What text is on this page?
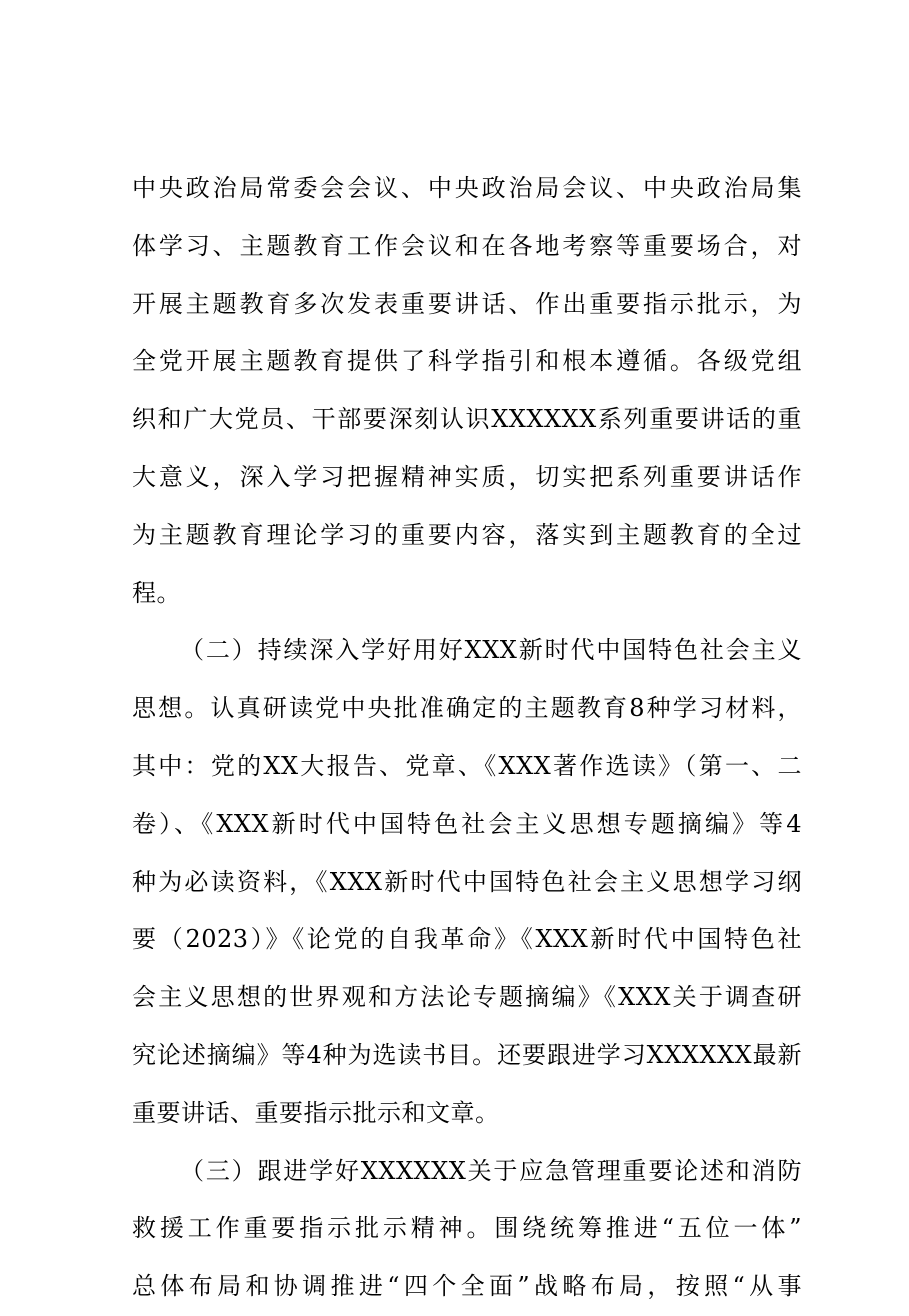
中央政治局常委会会议、中央政治局会议、中央政治局集
体学习、主题教育工作会议和在各地考察等重要场合，对
开展主题教育多次发表重要讲话、作出重要指示批示，为
全党开展主题教育提供了科学指引和根本遵循。各级党组
织和广大党员、干部要深刻认识XXXXXX系列重要讲话的重
大意义，深入学习把握精神实质，切实把系列重要讲话作
为主题教育理论学习的重要内容，落实到主题教育的全过
程。
（二）持续深入学好用好XXX新时代中国特色社会主义
思想。认真研读党中央批准确定的主题教育8种学习材料，
其中：党的XX大报告、党章、《XXX著作选读》（第一、二
卷）、《XXX新时代中国特色社会主义思想专题摘编》等4
种为必读资料，《XXX新时代中国特色社会主义思想学习纲
要（2023）》《论党的自我革命》《XXX新时代中国特色社
会主义思想的世界观和方法论专题摘编》《XXX关于调查研
究论述摘编》等4种为选读书目。还要跟进学习XXXXXX最新
重要讲话、重要指示批示和文章。
（三）跟进学好XXXXXX关于应急管理重要论述和消防
救援工作重要指示批示精神。围绕统筹推进“五位一体”
总体布局和协调推进“四个全面”战略布局，按照“从事
